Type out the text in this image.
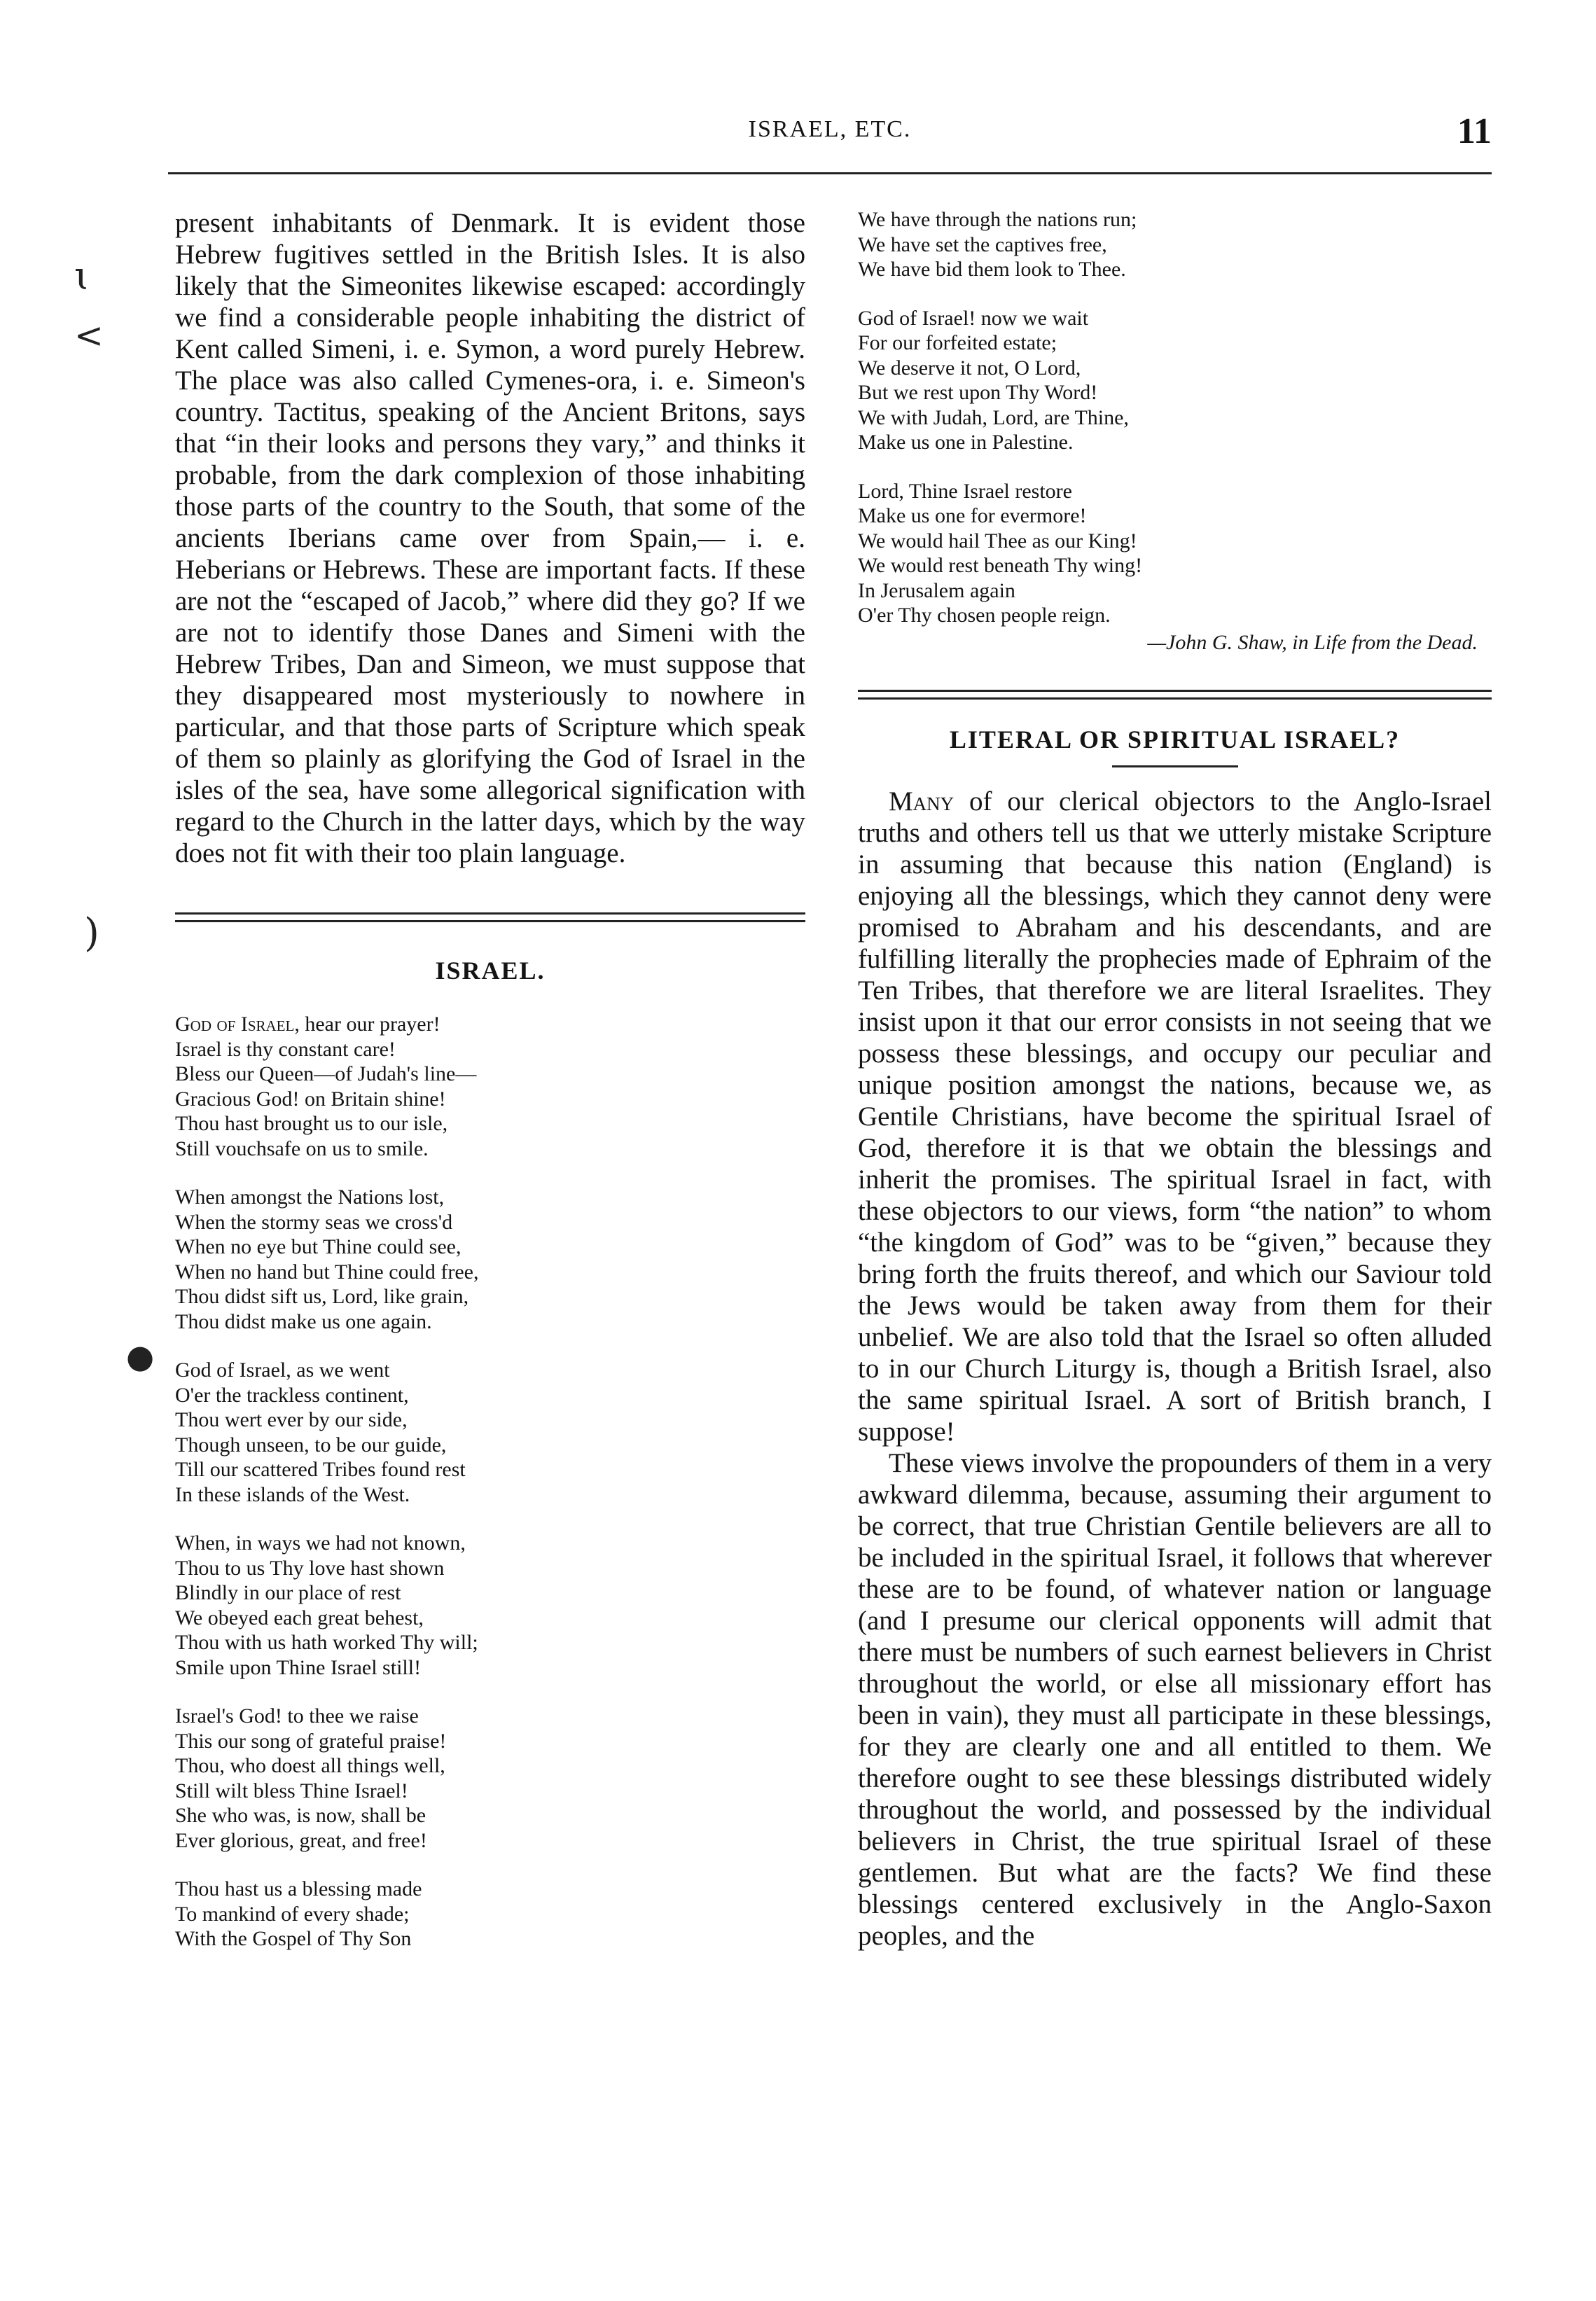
ISRAEL, ETC.	11
ɩ
<
)
●

present inhabitants of Denmark. It is evident those Hebrew fugitives settled in the British Isles. It is also likely that the Simeonites likewise escaped: accordingly we find a considerable people inhabiting the district of Kent called Simeni, i. e. Symon, a word purely Hebrew. The place was also called Cymenes-ora, i. e. Simeon's country. Tactitus, speaking of the Ancient Britons, says that “in their looks and persons they vary,” and thinks it probable, from the dark complexion of those inhabiting those parts of the country to the South, that some of the ancients Iberians came over from Spain,— i. e. Heberians or Hebrews. These are important facts. If these are not the “escaped of Jacob,” where did they go? If we are not to identify those Danes and Simeni with the Hebrew Tribes, Dan and Simeon, we must suppose that they disappeared most mysteriously to nowhere in particular, and that those parts of Scripture which speak of them so plainly as glorifying the God of Israel in the isles of the sea, have some allegorical signification with regard to the Church in the latter days, which by the way does not fit with their too plain language.

ISRAEL.
God of Israel, hear our prayer!
Israel is thy constant care!
Bless our Queen—of Judah's line—
Gracious God! on Britain shine!
Thou hast brought us to our isle,
Still vouchsafe on us to smile.
When amongst the Nations lost,
When the stormy seas we cross'd
When no eye but Thine could see,
When no hand but Thine could free,
Thou didst sift us, Lord, like grain,
Thou didst make us one again.
God of Israel, as we went
O'er the trackless continent,
Thou wert ever by our side,
Though unseen, to be our guide,
Till our scattered Tribes found rest
In these islands of the West.
When, in ways we had not known,
Thou to us Thy love hast shown
Blindly in our place of rest
We obeyed each great behest,
Thou with us hath worked Thy will;
Smile upon Thine Israel still!
Israel's God! to thee we raise
This our song of grateful praise!
Thou, who doest all things well,
Still wilt bless Thine Israel!
She who was, is now, shall be
Ever glorious, great, and free!
Thou hast us a blessing made
To mankind of every shade;
With the Gospel of Thy Son
We have through the nations run;
We have set the captives free,
We have bid them look to Thee.
God of Israel! now we wait
For our forfeited estate;
We deserve it not, O Lord,
But we rest upon Thy Word!
We with Judah, Lord, are Thine,
Make us one in Palestine.
Lord, Thine Israel restore
Make us one for evermore!
We would hail Thee as our King!
We would rest beneath Thy wing!
In Jerusalem again
O'er Thy chosen people reign.

—John G. Shaw, in Life from the Dead.

LITERAL OR SPIRITUAL ISRAEL?

Many of our clerical objectors to the Anglo-Israel truths and others tell us that we utterly mistake Scripture in assuming that because this nation (England) is enjoying all the blessings, which they cannot deny were promised to Abraham and his descendants, and are fulfilling literally the prophecies made of Ephraim of the Ten Tribes, that therefore we are literal Israelites. They insist upon it that our error consists in not seeing that we possess these blessings, and occupy our peculiar and unique position amongst the nations, because we, as Gentile Christians, have become the spiritual Israel of God, therefore it is that we obtain the blessings and inherit the promises. The spiritual Israel in fact, with these objectors to our views, form “the nation” to whom “the kingdom of God” was to be “given,” because they bring forth the fruits thereof, and which our Saviour told the Jews would be taken away from them for their unbelief. We are also told that the Israel so often alluded to in our Church Liturgy is, though a British Israel, also the same spiritual Israel. A sort of British branch, I suppose!

These views involve the propounders of them in a very awkward dilemma, because, assuming their argument to be correct, that true Christian Gentile believers are all to be included in the spiritual Israel, it follows that wherever these are to be found, of whatever nation or language (and I presume our clerical opponents will admit that there must be numbers of such earnest believers in Christ throughout the world, or else all missionary effort has been in vain), they must all participate in these blessings, for they are clearly one and all entitled to them. We therefore ought to see these blessings distributed widely throughout the world, and possessed by the individual believers in Christ, the true spiritual Israel of these gentlemen. But what are the facts? We find these blessings centered exclusively in the Anglo-Saxon peoples, and the
